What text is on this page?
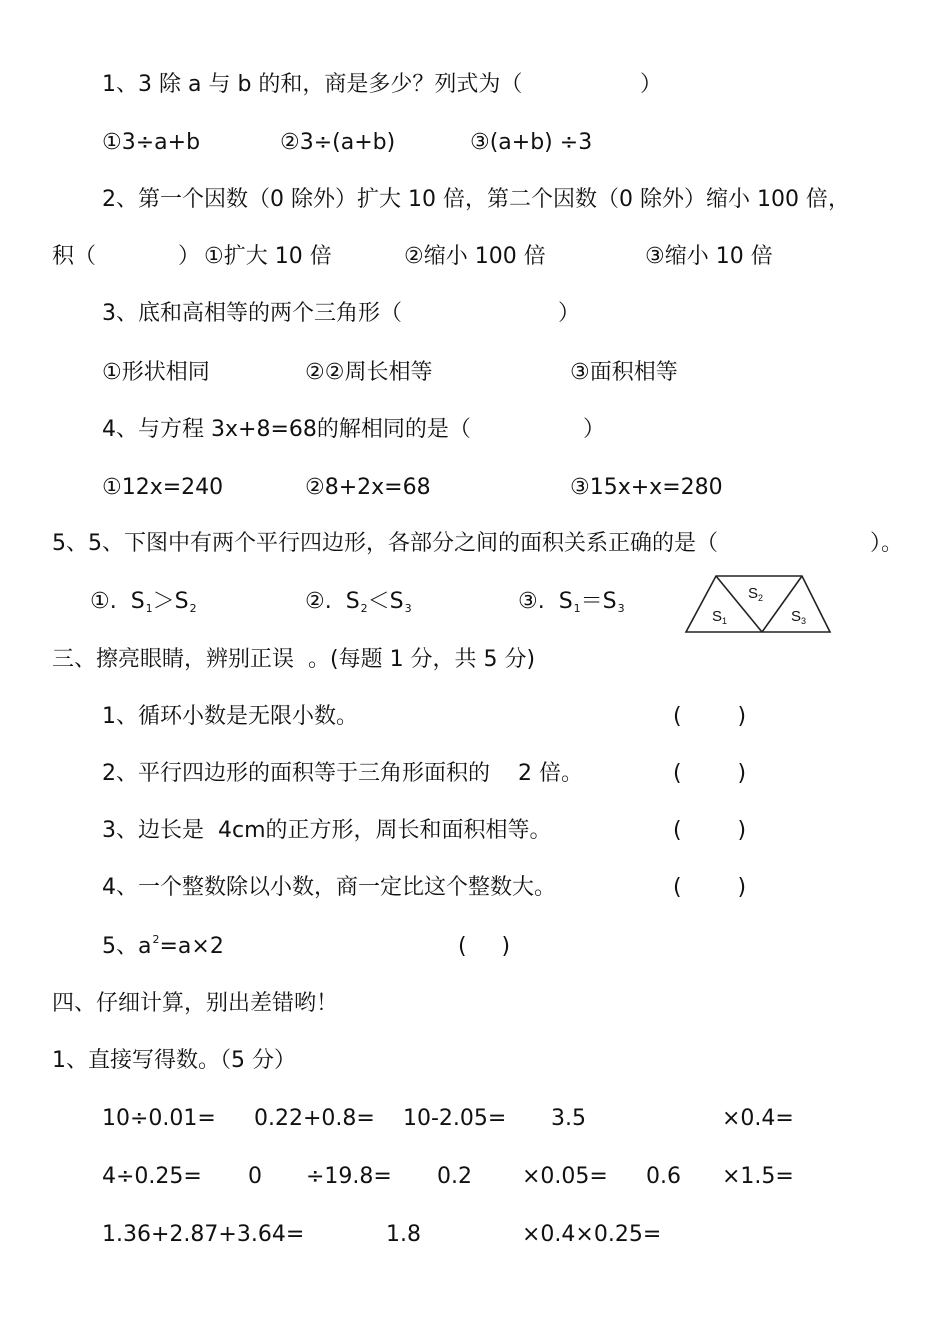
1、3 除 a 与 b 的和，商是多少？列式为（	）
①3÷a+b	②3÷(a+b)	③(a+b) ÷3
2、第一个因数（0 除外）扩大 10 倍，第二个因数（0 除外）缩小 100 倍，
积（	） ①扩大 10 倍	②缩小 100 倍	③缩小 10 倍
3、底和高相等的两个三角形（	）
①形状相同	②②周长相等	③面积相等
4、与方程 3x+8=68的解相同的是（	）
①12x=240	②8+2x=68	③15x+x=280
5、5、下图中有两个平行四边形，各部分之间的面积关系正确的是（	）。
①.  S1＞S2	②.  S2＜S3	③.  S1＝S3	$S_1$
$S_2$
$S_3$
三、擦亮眼睛，辨别正误  。(每题 1 分，共 5 分)
1、循环小数是无限小数。	(        )
2、平行四边形的面积等于三角形面积的    2 倍。	(        )
3、边长是  4cm的正方形，周长和面积相等。	(        )
4、一个整数除以小数，商一定比这个整数大。	(        )
5、$a^2=a\times 2$	(     )
四、仔细计算，别出差错哟！
1、直接写得数。（5 分）
10÷0.01= 0.22+0.8= 10-2.05= 3.5	×0.4=
4÷0.25= 0 ÷19.8= 0.2 ×0.05= 0.6 ×1.5=
1.36+2.87+3.64=	1.8	×0.4×0.25=
